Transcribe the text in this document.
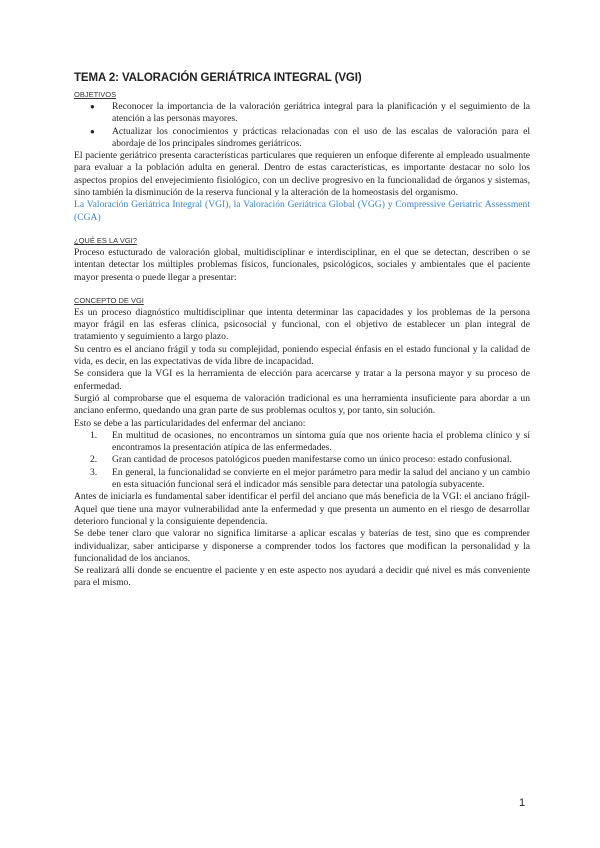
TEMA 2: VALORACIÓN GERIÁTRICA INTEGRAL (VGI)
OBJETIVOS
● Reconocer la importancia de la valoración geriátrica integral para la planificación y el seguimiento de la atención a las personas mayores.
● Actualizar los conocimientos y prácticas relacionadas con el uso de las escalas de valoración para el abordaje de los principales síndromes geriátricos.

El paciente geriátrico presenta características particulares que requieren un enfoque diferente al empleado usualmente para evaluar a la población adulta en general. Dentro de estas características, es importante destacar no solo los aspectos propios del envejecimiento fisiológico, con un declive progresivo en la funcionalidad de órganos y sistemas, sino también la disminución de la reserva funcional y la alteración de la homeostasis del organismo.

La Valoración Geriátrica Integral (VGI), la Valoración Geriátrica Global (VGG) y Compressive Geriatric Assessment (CGA)

¿QUÉ ES LA VGI?

Proceso estucturado de valoración global, multidisciplinar e interdisciplinar, en el que se detectan, describen o se intentan detectar los múltiples problemas físicos, funcionales, psicológicos, sociales y ambientales que el paciente mayor presenta o puede llegar a presentar:

CONCEPTO DE VGI

Es un proceso diagnóstico multidisciplinar que intenta determinar las capacidades y los problemas de la persona mayor frágil en las esferas clínica, psicosocial y funcional, con el objetivo de establecer un plan integral de tratamiento y seguimiento a largo plazo.

Su centro es el anciano frágil y toda su complejidad, poniendo especial énfasis en el estado funcional y la calidad de vida, es decir, en las expectativas de vida libre de incapacidad.

Se considera que la VGI es la herramienta de elección para acercarse y tratar a la persona mayor y su proceso de enfermedad.

Surgió al comprobarse que el esquema de valoración tradicional es una herramienta insuficiente para abordar a un anciano enfermo, quedando una gran parte de sus problemas ocultos y, por tanto, sin solución.

Esto se debe a las particularidades del enfermar del anciano:

1. En multitud de ocasiones, no encontramos un síntoma guía que nos oriente hacia el problema clínico y sí encontramos la presentación atípica de las enfermedades.
2. Gran cantidad de procesos patológicos pueden manifestarse como un único proceso: estado confusional.
3. En general, la funcionalidad se convierte en el mejor parámetro para medir la salud del anciano y un cambio en esta situación funcional será el indicador más sensible para detectar una patología subyacente.

Antes de iniciarla es fundamental saber identificar el perfil del anciano que más beneficia de la VGI: el anciano frágil- Aquel que tiene una mayor vulnerabilidad ante la enfermedad y que presenta un aumento en el riesgo de desarrollar deterioro funcional y la consiguiente dependencia.

Se debe tener claro que valorar no significa limitarse a aplicar escalas y baterías de test, sino que es comprender individualizar, saber anticiparse y disponerse a comprender todos los factores que modifican la personalidad y la funcionalidad de los ancianos.

Se realizará allí donde se encuentre el paciente y en este aspecto nos ayudará a decidir qué nivel es más conveniente para el mismo.

1
